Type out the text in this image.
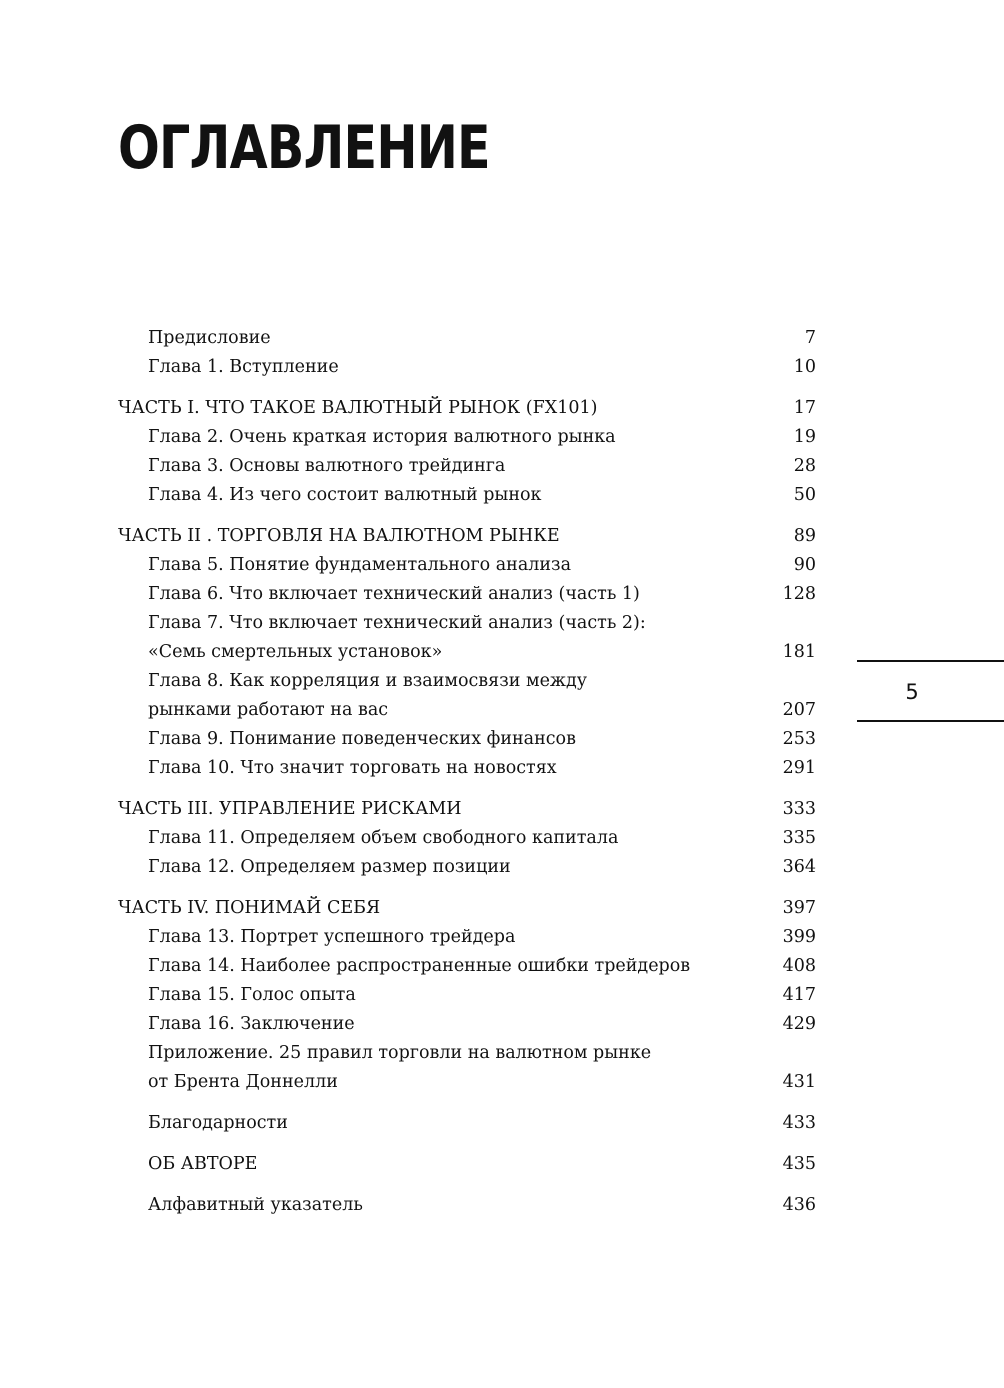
ОГЛАВЛЕНИЕ
Предисловие	7
Глава 1. Вступление	10
ЧАСТЬ I. ЧТО ТАКОЕ ВАЛЮТНЫЙ РЫНОК (FX101)	17
Глава 2. Очень краткая история валютного рынка	19
Глава 3. Основы валютного трейдинга	28
Глава 4. Из чего состоит валютный рынок	50
ЧАСТЬ II . ТОРГОВЛЯ НА ВАЛЮТНОМ РЫНКЕ	89
Глава 5. Понятие фундаментального анализа	90
Глава 6. Что включает технический анализ (часть 1)	128
Глава 7. Что включает технический анализ (часть 2):
«Семь смертельных установок»	181
Глава 8. Как корреляция и взаимосвязи между
рынками работают на вас	207
Глава 9. Понимание поведенческих финансов	253
Глава 10. Что значит торговать на новостях	291
ЧАСТЬ III. УПРАВЛЕНИЕ РИСКАМИ	333
Глава 11. Определяем объем свободного капитала	335
Глава 12. Определяем размер позиции	364
ЧАСТЬ IV. ПОНИМАЙ СЕБЯ	397
Глава 13. Портрет успешного трейдера	399
Глава 14. Наиболее распространенные ошибки трейдеров	408
Глава 15. Голос опыта	417
Глава 16. Заключение	429
Приложение. 25 правил торговли на валютном рынке
от Брента Доннелли	431
Благодарности	433
ОБ АВТОРЕ	435
Алфавитный указатель	436
5
